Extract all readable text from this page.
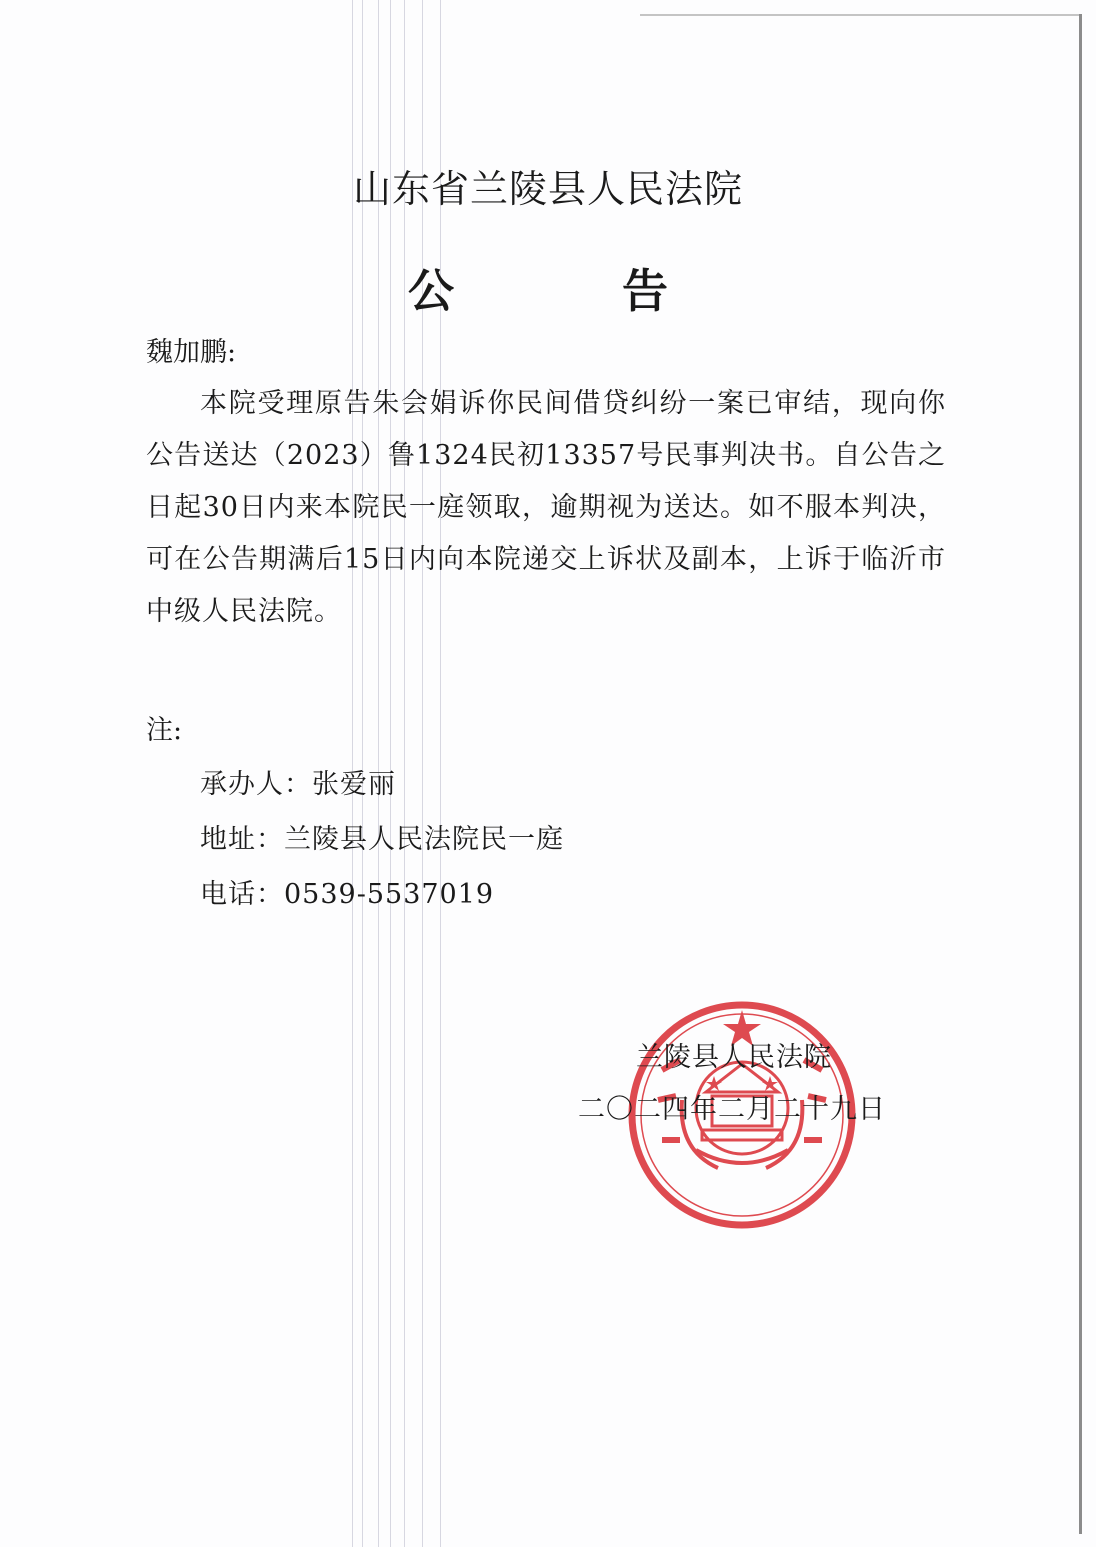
山东省兰陵县人民法院
公	告
魏加鹏:
本院受理原告朱会娟诉你民间借贷纠纷一案已审结，现向你公告送达（2023）鲁1324民初13357号民事判决书。自公告之日起30日内来本院民一庭领取，逾期视为送达。如不服本判决，可在公告期满后15日内向本院递交上诉状及副本，上诉于临沂市中级人民法院。
注:
承办人：张爱丽
地址：兰陵县人民法院民一庭
电话：0539-5537019
兰陵县人民法院
二〇二四年二月二十九日
